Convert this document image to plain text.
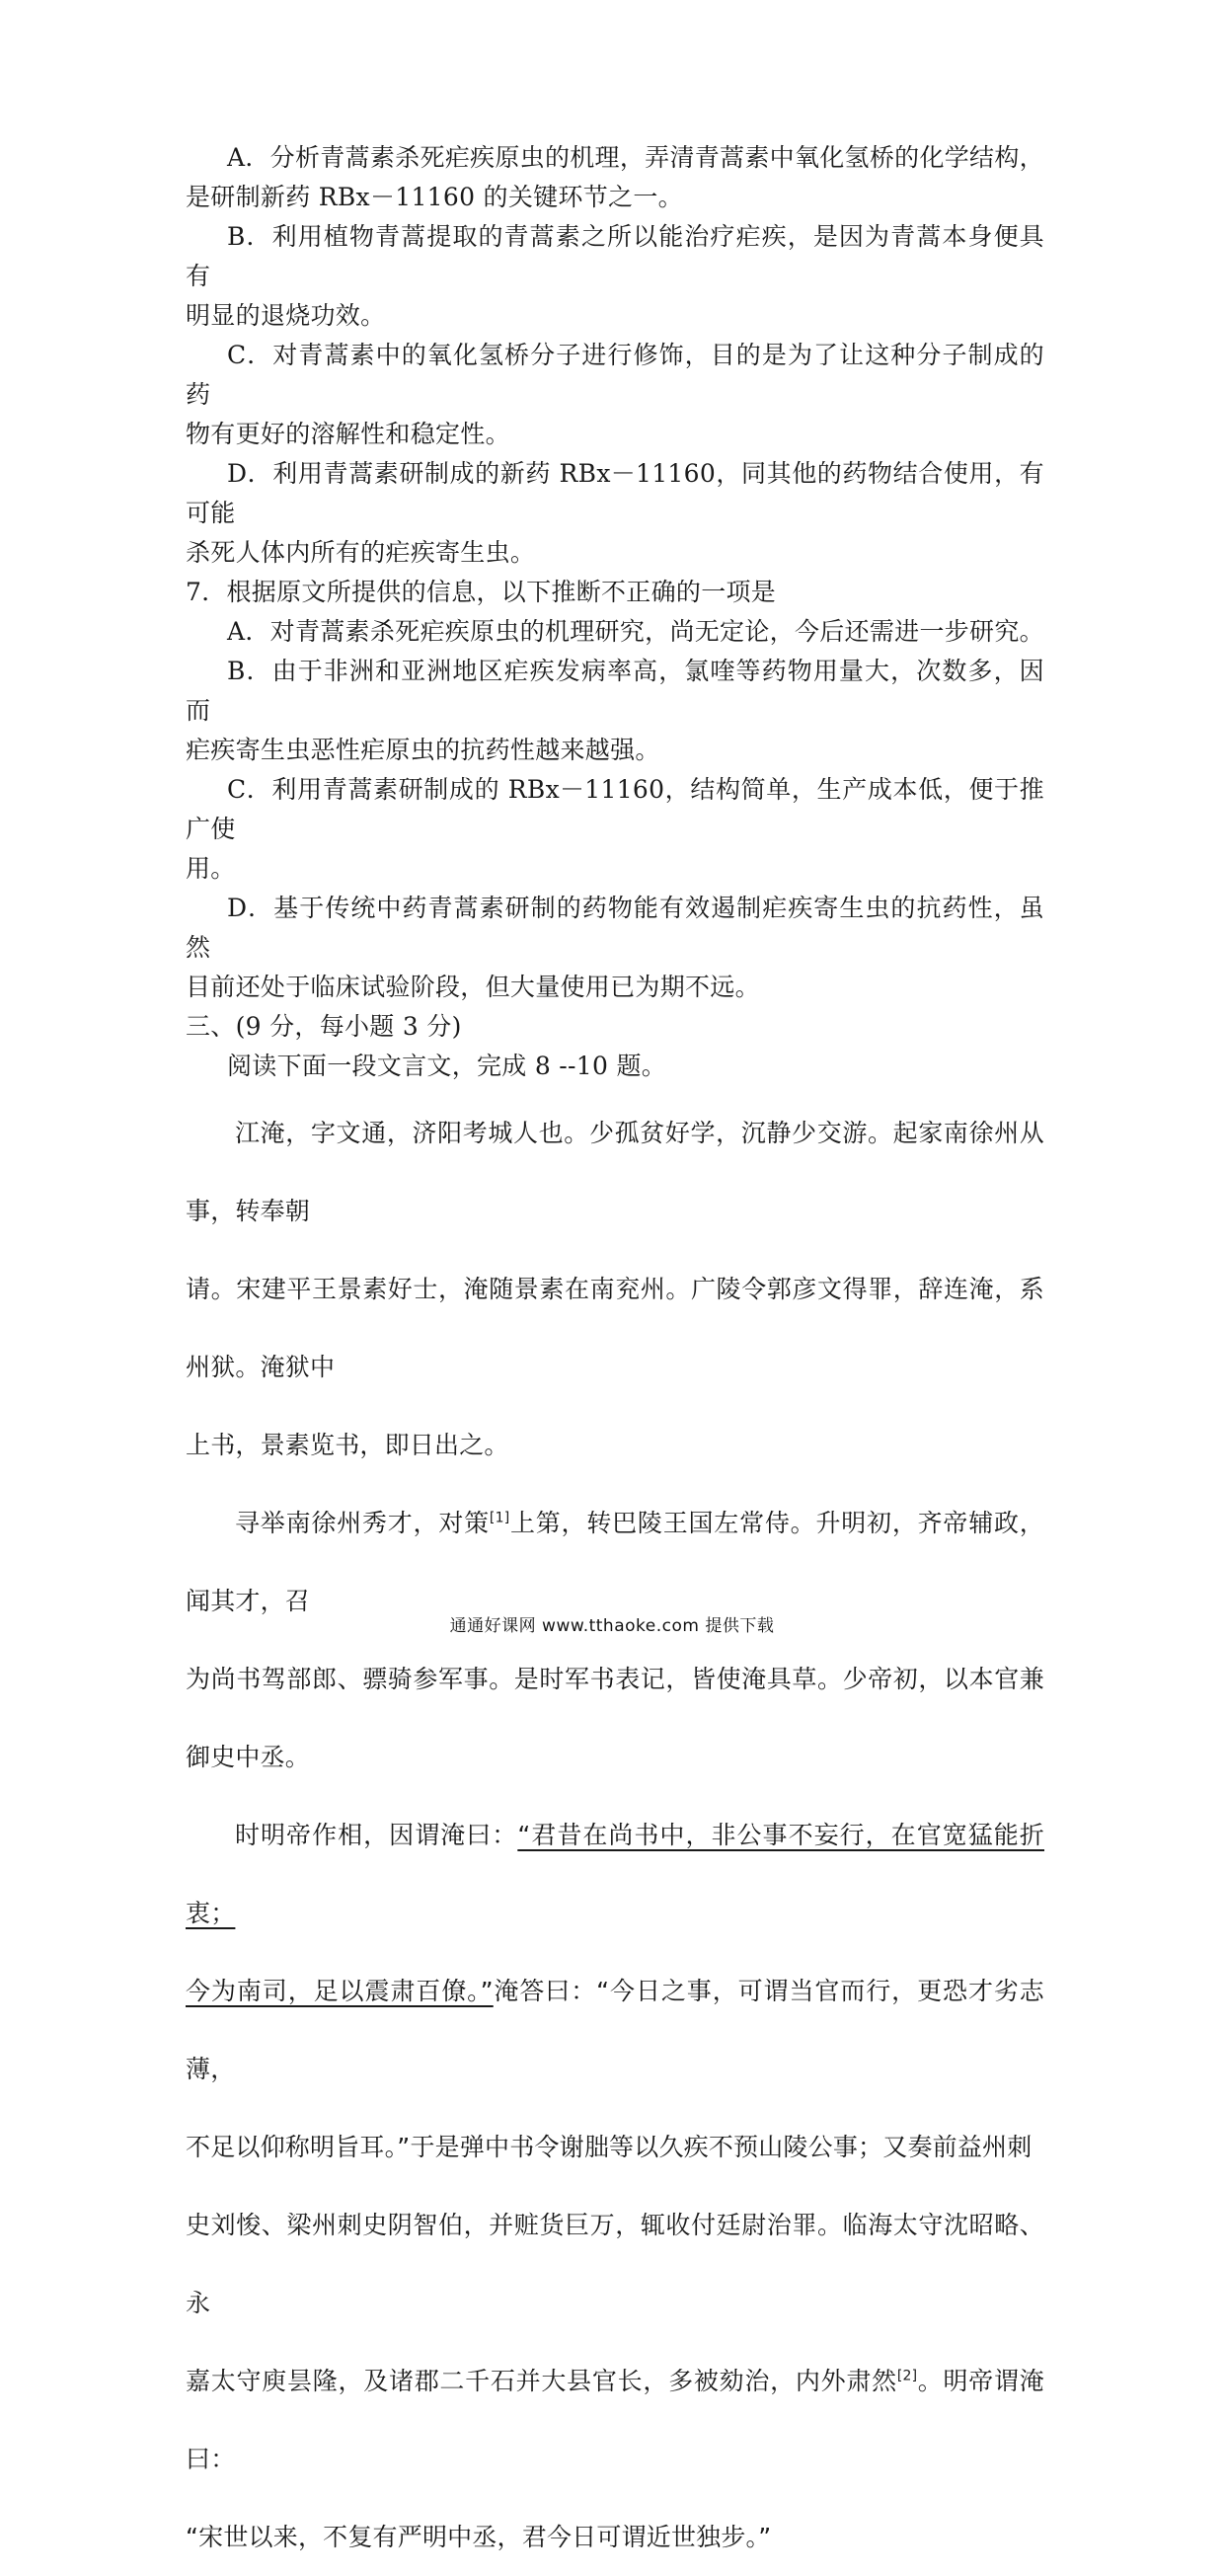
A．分析青蒿素杀死疟疾原虫的机理，弄清青蒿素中氧化氢桥的化学结构，

是研制新药 RBx－11160 的关键环节之一。

B．利用植物青蒿提取的青蒿素之所以能治疗疟疾，是因为青蒿本身便具有

明显的退烧功效。

C．对青蒿素中的氧化氢桥分子进行修饰，目的是为了让这种分子制成的药

物有更好的溶解性和稳定性。

D．利用青蒿素研制成的新药 RBx－11160，同其他的药物结合使用，有可能

杀死人体内所有的疟疾寄生虫。

7．根据原文所提供的信息，以下推断不正确的一项是

A．对青蒿素杀死疟疾原虫的机理研究，尚无定论，今后还需进一步研究。

B．由于非洲和亚洲地区疟疾发病率高，氯喹等药物用量大，次数多，因而

疟疾寄生虫恶性疟原虫的抗药性越来越强。

C．利用青蒿素研制成的 RBx－11160，结构简单，生产成本低，便于推广使

用。

D．基于传统中药青蒿素研制的药物能有效遏制疟疾寄生虫的抗药性，虽然

目前还处于临床试验阶段，但大量使用已为期不远。

三、(9 分，每小题 3 分)

阅读下面一段文言文，完成 8 --10 题。

江淹，字文通，济阳考城人也。少孤贫好学，沉静少交游。起家南徐州从事，转奉朝

请。宋建平王景素好士，淹随景素在南兖州。广陵令郭彦文得罪，辞连淹，系州狱。淹狱中

上书，景素览书，即日出之。

寻举南徐州秀才，对策[1]上第，转巴陵王国左常侍。升明初，齐帝辅政，闻其才，召

为尚书驾部郎、骠骑参军事。是时军书表记，皆使淹具草。少帝初，以本官兼御史中丞。

时明帝作相，因谓淹曰：“君昔在尚书中，非公事不妄行，在官宽猛能折衷；

今为南司，足以震肃百僚。”淹答曰：“今日之事，可谓当官而行，更恐才劣志薄，

不足以仰称明旨耳。”于是弹中书令谢朏等以久疾不预山陵公事；又奏前益州刺

史刘悛、梁州刺史阴智伯，并赃货巨万，辄收付廷尉治罪。临海太守沈昭略、永

嘉太守庾昙隆，及诸郡二千石并大县官长，多被劾治，内外肃然[2]。明帝谓淹曰：

“宋世以来，不复有严明中丞，君今日可谓近世独步。”

通通好课网 www.tthaoke.com 提供下载
